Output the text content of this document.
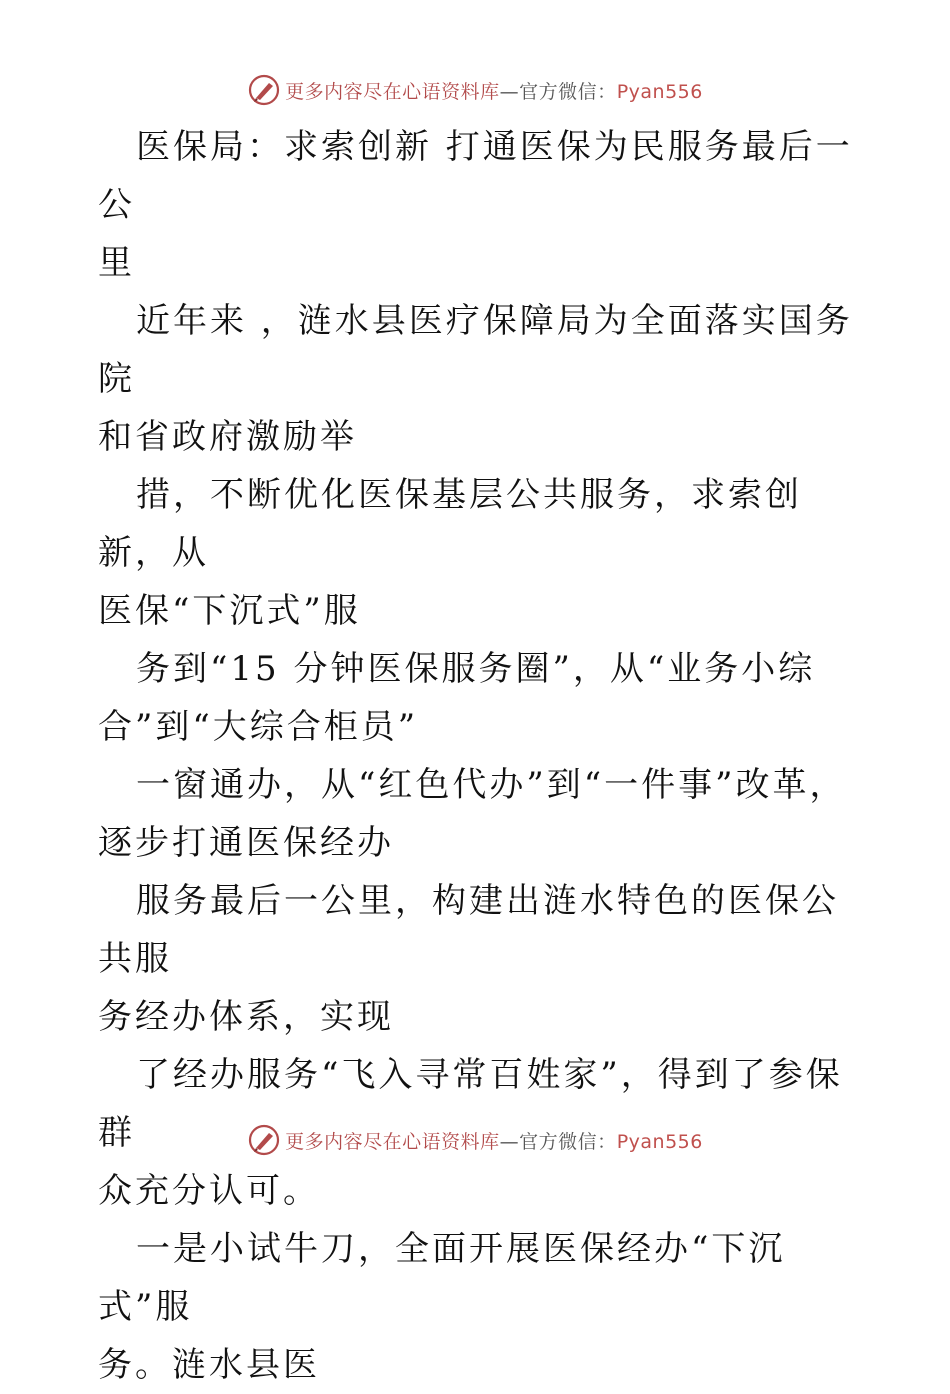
更多内容尽在心语资料库—官方微信：Pyan556

医保局：求索创新 打通医保为民服务最后一公
里

近年来 ，涟水县医疗保障局为全面落实国务院
和省政府激励举

措，不断优化医保基层公共服务，求索创新，从
医保“下沉式”服

务到“15 分钟医保服务圈”，从“业务小综
合”到“大综合柜员”

一窗通办，从“红色代办”到“一件事”改革，
逐步打通医保经办

服务最后一公里，构建出涟水特色的医保公共服
务经办体系，实现

了经办服务“飞入寻常百姓家”，得到了参保群
众充分认可。

一是小试牛刀，全面开展医保经办“下沉式”服
务。涟水县医

更多内容尽在心语资料库—官方微信：Pyan556
